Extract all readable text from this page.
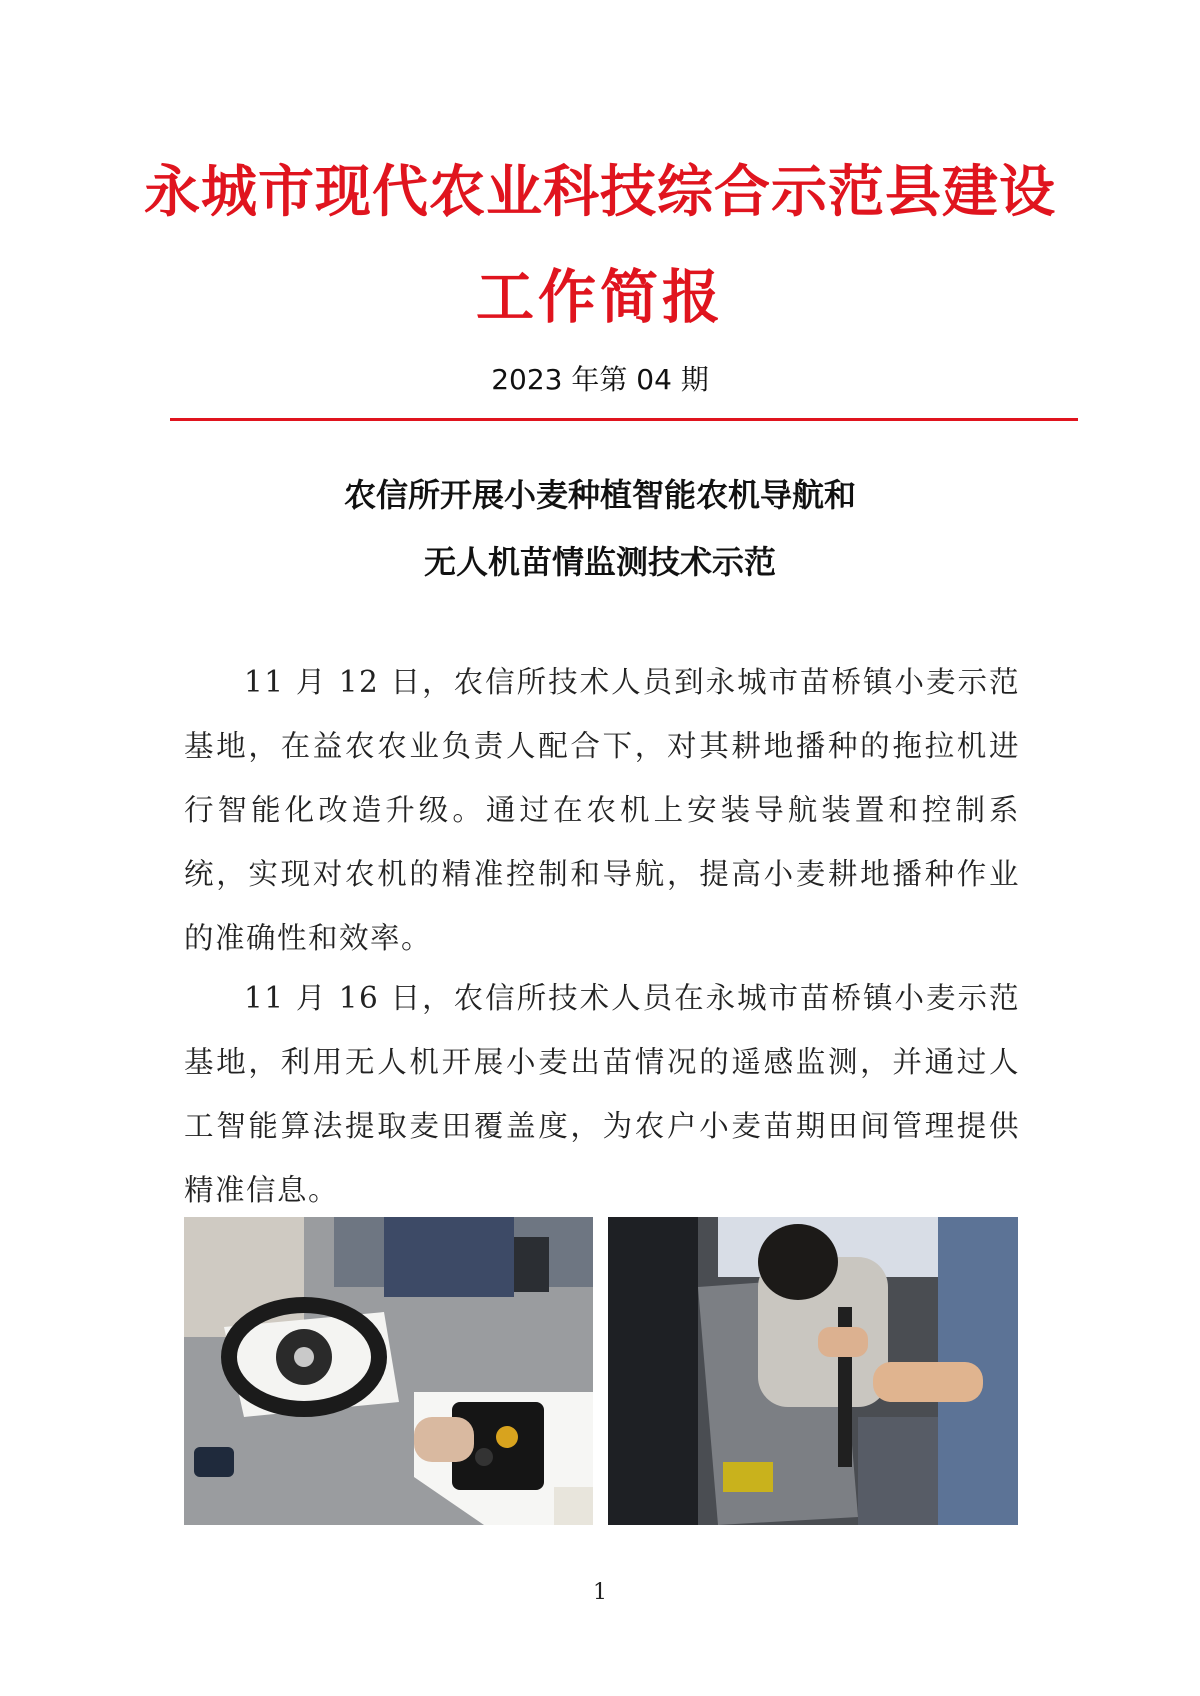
永城市现代农业科技综合示范县建设
工作简报
2023 年第 04 期
农信所开展小麦种植智能农机导航和
无人机苗情监测技术示范

11 月 12 日，农信所技术人员到永城市苗桥镇小麦示范基地，在益农农业负责人配合下，对其耕地播种的拖拉机进行智能化改造升级。通过在农机上安装导航装置和控制系统，实现对农机的精准控制和导航，提高小麦耕地播种作业的准确性和效率。

11 月 16 日，农信所技术人员在永城市苗桥镇小麦示范基地，利用无人机开展小麦出苗情况的遥感监测，并通过人工智能算法提取麦田覆盖度，为农户小麦苗期田间管理提供精准信息。

1
